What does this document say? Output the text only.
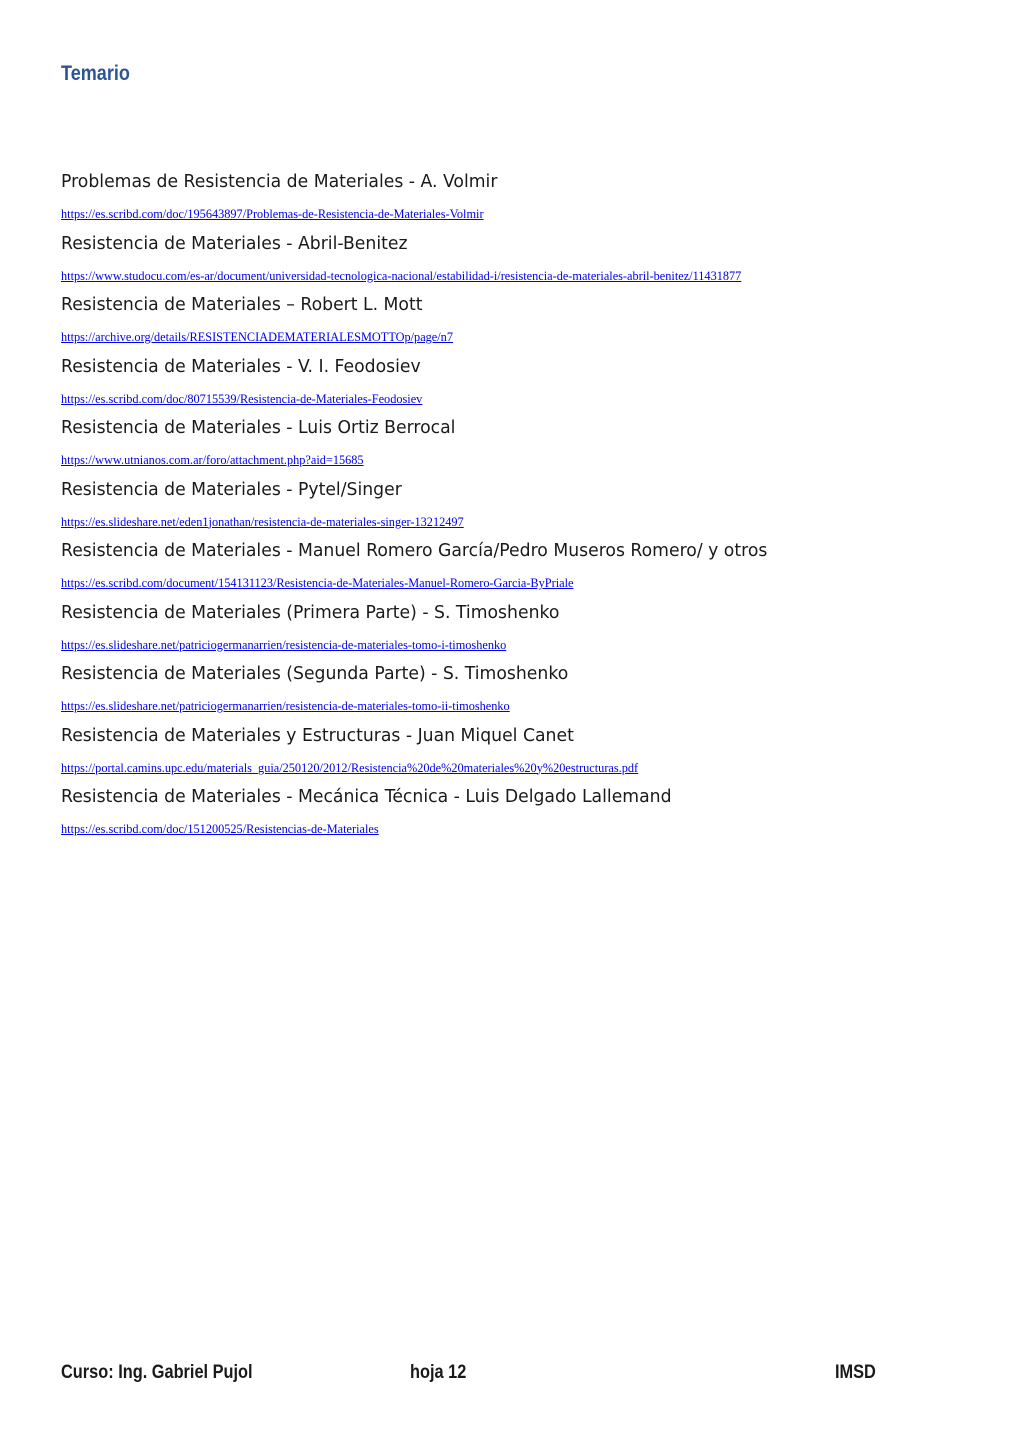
Temario
Problemas de Resistencia de Materiales - A. Volmir
https://es.scribd.com/doc/195643897/Problemas-de-Resistencia-de-Materiales-Volmir
Resistencia de Materiales - Abril-Benitez
https://www.studocu.com/es-ar/document/universidad-tecnologica-nacional/estabilidad-i/resistencia-de-materiales-abril-benitez/11431877
Resistencia de Materiales – Robert L. Mott
https://archive.org/details/RESISTENCIADEMATERIALESMOTTOp/page/n7
Resistencia de Materiales - V. I. Feodosiev
https://es.scribd.com/doc/80715539/Resistencia-de-Materiales-Feodosiev
Resistencia de Materiales - Luis Ortiz Berrocal
https://www.utnianos.com.ar/foro/attachment.php?aid=15685
Resistencia de Materiales - Pytel/Singer
https://es.slideshare.net/eden1jonathan/resistencia-de-materiales-singer-13212497
Resistencia de Materiales - Manuel Romero García/Pedro Museros Romero/ y otros
https://es.scribd.com/document/154131123/Resistencia-de-Materiales-Manuel-Romero-Garcia-ByPriale
Resistencia de Materiales (Primera Parte) - S. Timoshenko
https://es.slideshare.net/patriciogermanarrien/resistencia-de-materiales-tomo-i-timoshenko
Resistencia de Materiales (Segunda Parte) - S. Timoshenko
https://es.slideshare.net/patriciogermanarrien/resistencia-de-materiales-tomo-ii-timoshenko
Resistencia de Materiales y Estructuras - Juan Miquel Canet
https://portal.camins.upc.edu/materials_guia/250120/2012/Resistencia%20de%20materiales%20y%20estructuras.pdf
Resistencia de Materiales - Mecánica Técnica - Luis Delgado Lallemand
https://es.scribd.com/doc/151200525/Resistencias-de-Materiales
Curso: Ing. Gabriel Pujol	hoja 12	IMSD
